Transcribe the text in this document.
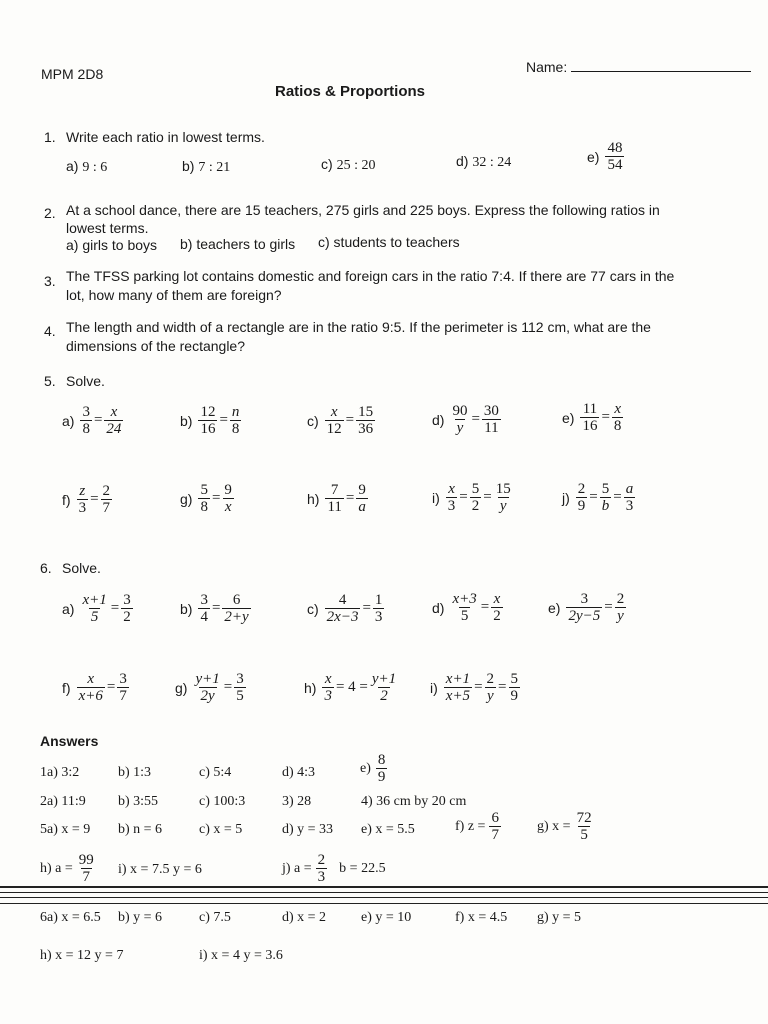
MPM 2D8
Ratios & Proportions
Name:
1. Write each ratio in lowest terms.
a) 9 : 6	b) 7 : 21	c) 25 : 20	d) 32 : 24	$e) \frac{48}{54}$
2. At a school dance, there are 15 teachers, 275 girls and 225 boys. Express the following ratios in
lowest terms.
a) girls to boys b) teachers to girls c) students to teachers
3. The TFSS parking lot contains domestic and foreign cars in the ratio 7:4. If there are 77 cars in the
lot, how many of them are foreign?
4. The length and width of a rectangle are in the ratio 9:5. If the perimeter is 112 cm, what are the
dimensions of the rectangle?
5. Solve.
$a) \frac{3}{8} = \frac{x}{24}$	$b) \frac{12}{16} = \frac{n}{8}$	$c) \frac{x}{12} = \frac{15}{36}$	$d) \frac{90}{y} = \frac{30}{11}$	$e) \frac{11}{16} = \frac{x}{8}$
$f) \frac{z}{3} = \frac{2}{7}$	$g) \frac{5}{8} = \frac{9}{x}$	$h) \frac{7}{11} = \frac{9}{a}$	$i) \frac{x}{3} = \frac{5}{2} = \frac{15}{y}$	$j) \frac{2}{9} = \frac{5}{b} = \frac{a}{3}$
6. Solve.
$a) \frac{x+1}{5} = \frac{3}{2}$	$b) \frac{3}{4} = \frac{6}{2+y}$	$c) \frac{4}{2x-3} = \frac{1}{3}$	$d) \frac{x+3}{5} = \frac{x}{2}$	$e) \frac{3}{2y-5} = \frac{2}{y}$
$f) \frac{x}{x+6} = \frac{3}{7}$	$g) \frac{y+1}{2y} = \frac{3}{5}$	$h) \frac{x}{3} = 4 = \frac{y+1}{2} i) \frac{x+1}{x+5} = \frac{2}{y} = \frac{5}{9}$
Answers
1a) 3:2	b) 1:3	c) 5:4	d) 4:3	$e) \frac{8}{9}$
2a) 11:9 b) 3:55	c) 100:3	3) 28	4) 36 cm by 20 cm
5a) x = 9 b) n = 6	c) x = 5	d) y = 33 e) x = 5.5	f) $z = \frac{6}{7}$	g) $x = \frac{72}{5}$
h) $a = \frac{99}{7} i$) x = 7.5 y = 6	j) $a = \frac{2}{3}$ b = 22.5
6a) x = 6.5 b) y = 6	c) 7.5	d) x = 2 e) y = 10	f) x = 4.5 g) y = 5
h) x = 12 y = 7	i) x = 4 y = 3.6
